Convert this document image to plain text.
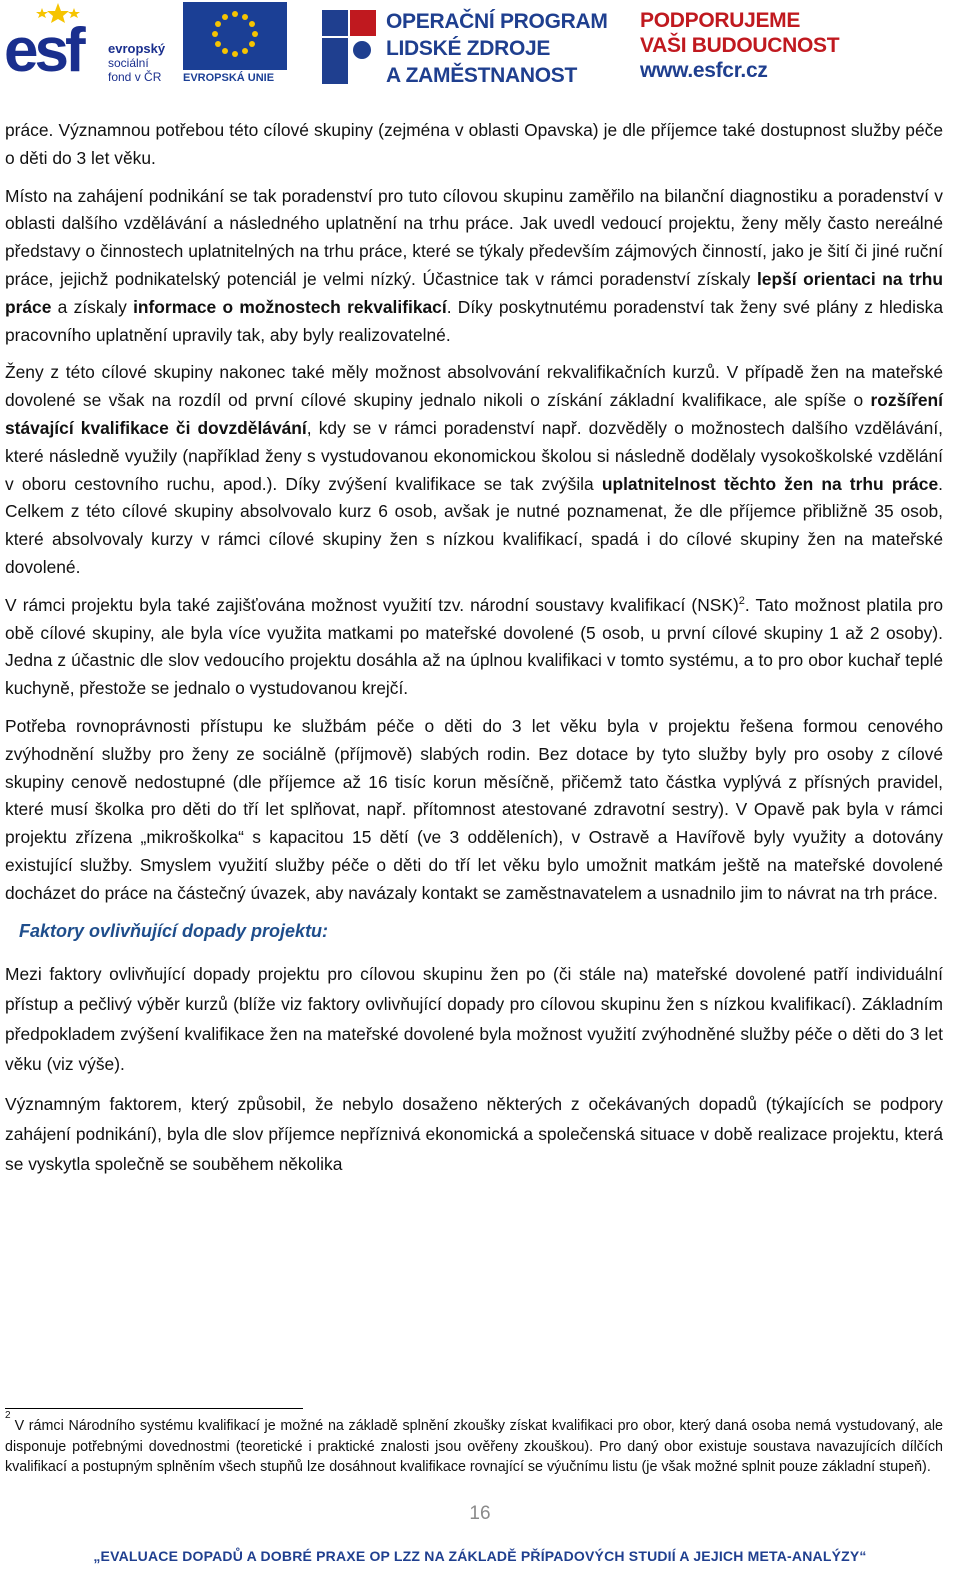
esf evropský
sociální
fond v ČR	EVROPSKÁ UNIE
OPERAČNÍ PROGRAM
LIDSKÉ ZDROJE
A ZAMĚSTNANOST
PODPORUJEME
VAŠI BUDOUCNOST
www.esfcr.cz

práce. Významnou potřebou této cílové skupiny (zejména v oblasti Opavska) je dle příjemce také dostupnost služby péče o děti do 3 let věku.

Místo na zahájení podnikání se tak poradenství pro tuto cílovou skupinu zaměřilo na bilanční diagnostiku a poradenství v oblasti dalšího vzdělávání a následného uplatnění na trhu práce. Jak uvedl vedoucí projektu, ženy měly často nereálné představy o činnostech uplatnitelných na trhu práce, které se týkaly především zájmových činností, jako je šití či jiné ruční práce, jejichž podnikatelský potenciál je velmi nízký. Účastnice tak v rámci poradenství získaly lepší orientaci na trhu práce a získaly informace o možnostech rekvalifikací. Díky poskytnutému poradenství tak ženy své plány z hlediska pracovního uplatnění upravily tak, aby byly realizovatelné.

Ženy z této cílové skupiny nakonec také měly možnost absolvování rekvalifikačních kurzů. V případě žen na mateřské dovolené se však na rozdíl od první cílové skupiny jednalo nikoli o získání základní kvalifikace, ale spíše o rozšíření stávající kvalifikace či dovzdělávání, kdy se v rámci poradenství např. dozvěděly o možnostech dalšího vzdělávání, které následně využily (například ženy s vystudovanou ekonomickou školou si následně dodělaly vysokoškolské vzdělání v oboru cestovního ruchu, apod.). Díky zvýšení kvalifikace se tak zvýšila uplatnitelnost těchto žen na trhu práce. Celkem z této cílové skupiny absolvovalo kurz 6 osob, avšak je nutné poznamenat, že dle příjemce přibližně 35 osob, které absolvovaly kurzy v rámci cílové skupiny žen s nízkou kvalifikací, spadá i do cílové skupiny žen na mateřské dovolené.

V rámci projektu byla také zajišťována možnost využití tzv. národní soustavy kvalifikací (NSK)$^2$. Tato možnost platila pro obě cílové skupiny, ale byla více využita matkami po mateřské dovolené (5 osob, u první cílové skupiny 1 až 2 osoby). Jedna z účastnic dle slov vedoucího projektu dosáhla až na úplnou kvalifikaci v tomto systému, a to pro obor kuchař teplé kuchyně, přestože se jednalo o vystudovanou krejčí.

Potřeba rovnoprávnosti přístupu ke službám péče o děti do 3 let věku byla v projektu řešena formou cenového zvýhodnění služby pro ženy ze sociálně (příjmově) slabých rodin. Bez dotace by tyto služby byly pro osoby z cílové skupiny cenově nedostupné (dle příjemce až 16 tisíc korun měsíčně, přičemž tato částka vyplývá z přísných pravidel, které musí školka pro děti do tří let splňovat, např. přítomnost atestované zdravotní sestry). V Opavě pak byla v rámci projektu zřízena „mikroškolka“ s kapacitou 15 dětí (ve 3 odděleních), v Ostravě a Havířově byly využity a dotovány existující služby. Smyslem využití služby péče o děti do tří let věku bylo umožnit matkám ještě na mateřské dovolené docházet do práce na částečný úvazek, aby navázaly kontakt se zaměstnavatelem a usnadnilo jim to návrat na trh práce.

Faktory ovlivňující dopady projektu:

Mezi faktory ovlivňující dopady projektu pro cílovou skupinu žen po (či stále na) mateřské dovolené patří individuální přístup a pečlivý výběr kurzů (blíže viz faktory ovlivňující dopady pro cílovou skupinu žen s nízkou kvalifikací). Základním předpokladem zvýšení kvalifikace žen na mateřské dovolené byla možnost využití zvýhodněné služby péče o děti do 3 let věku (viz výše).

Významným faktorem, který způsobil, že nebylo dosaženo některých z očekávaných dopadů (týkajících se podpory zahájení podnikání), byla dle slov příjemce nepříznivá ekonomická a společenská situace v době realizace projektu, která se vyskytla společně se souběhem několika

$^2$V rámci Národního systému kvalifikací je možné na základě splnění zkoušky získat kvalifikaci pro obor, který daná osoba nemá vystudovaný, ale disponuje potřebnými dovednostmi (teoretické i praktické znalosti jsou ověřeny zkouškou). Pro daný obor existuje soustava navazujících dílčích kvalifikací a postupným splněním všech stupňů lze dosáhnout kvalifikace rovnající se výučnímu listu (je však možné splnit pouze základní stupeň).
16
„EVALUACE DOPADŮ A DOBRÉ PRAXE OP LZZ NA ZÁKLADĚ PŘÍPADOVÝCH STUDIÍ A JEJICH META-ANALÝZY“
